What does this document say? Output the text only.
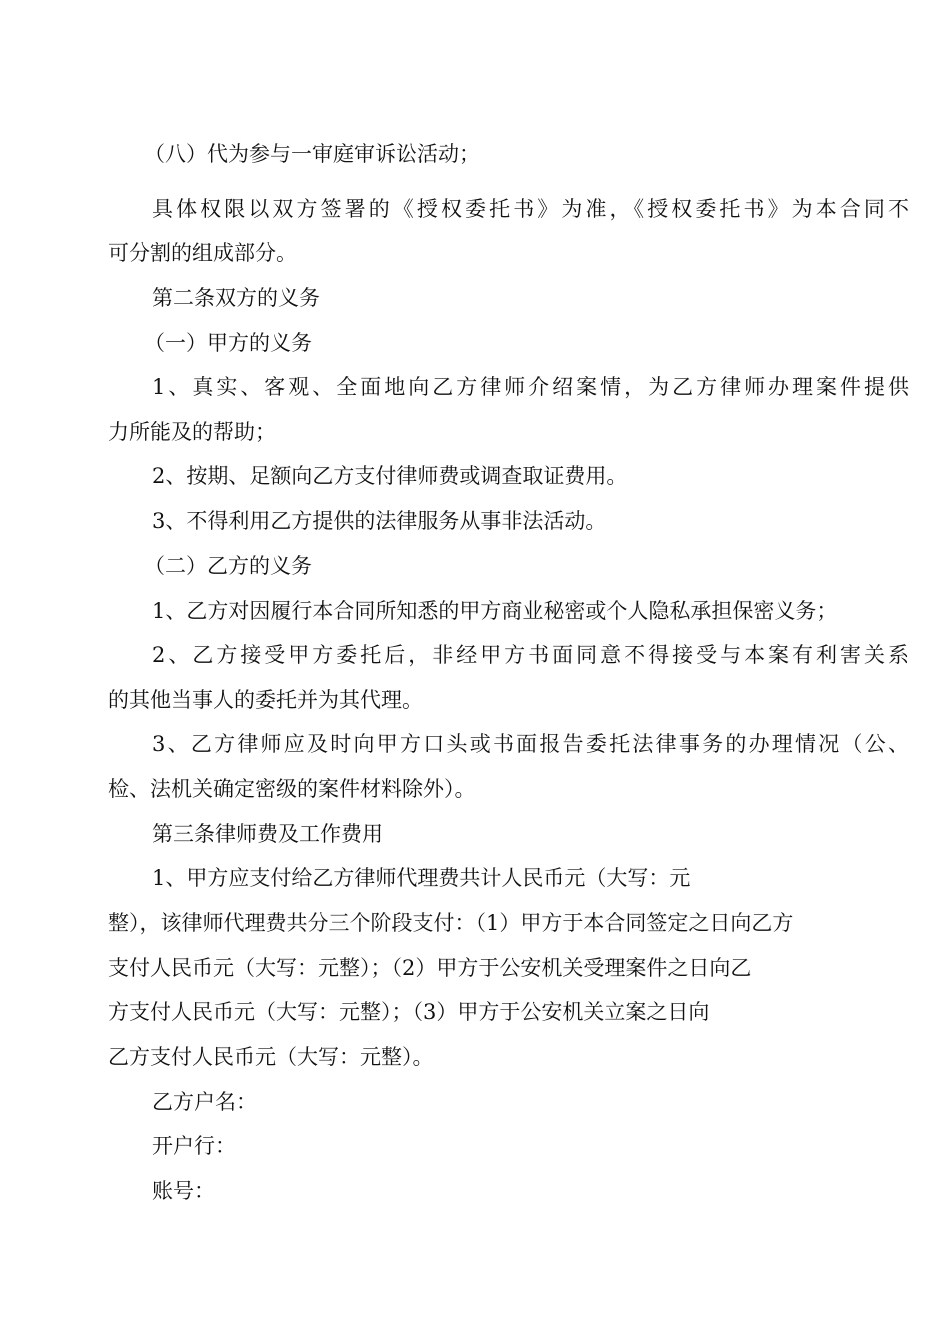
（八）代为参与一审庭审诉讼活动；
具体权限以双方签署的《授权委托书》为准，《授权委托书》为本合同不
可分割的组成部分。
第二条双方的义务
（一）甲方的义务
1、真实、客观、全面地向乙方律师介绍案情，为乙方律师办理案件提供
力所能及的帮助；
2、按期、足额向乙方支付律师费或调查取证费用。
3、不得利用乙方提供的法律服务从事非法活动。
（二）乙方的义务
1、乙方对因履行本合同所知悉的甲方商业秘密或个人隐私承担保密义务；
2、乙方接受甲方委托后，非经甲方书面同意不得接受与本案有利害关系
的其他当事人的委托并为其代理。
3、乙方律师应及时向甲方口头或书面报告委托法律事务的办理情况（公、
检、法机关确定密级的案件材料除外）。
第三条律师费及工作费用
1、甲方应支付给乙方律师代理费共计人民币元（大写：元
整），该律师代理费共分三个阶段支付：（1）甲方于本合同签定之日向乙方
支付人民币元（大写：元整）；（2）甲方于公安机关受理案件之日向乙
方支付人民币元（大写：元整）；（3）甲方于公安机关立案之日向
乙方支付人民币元（大写：元整）。
乙方户名：
开户行：
账号：
